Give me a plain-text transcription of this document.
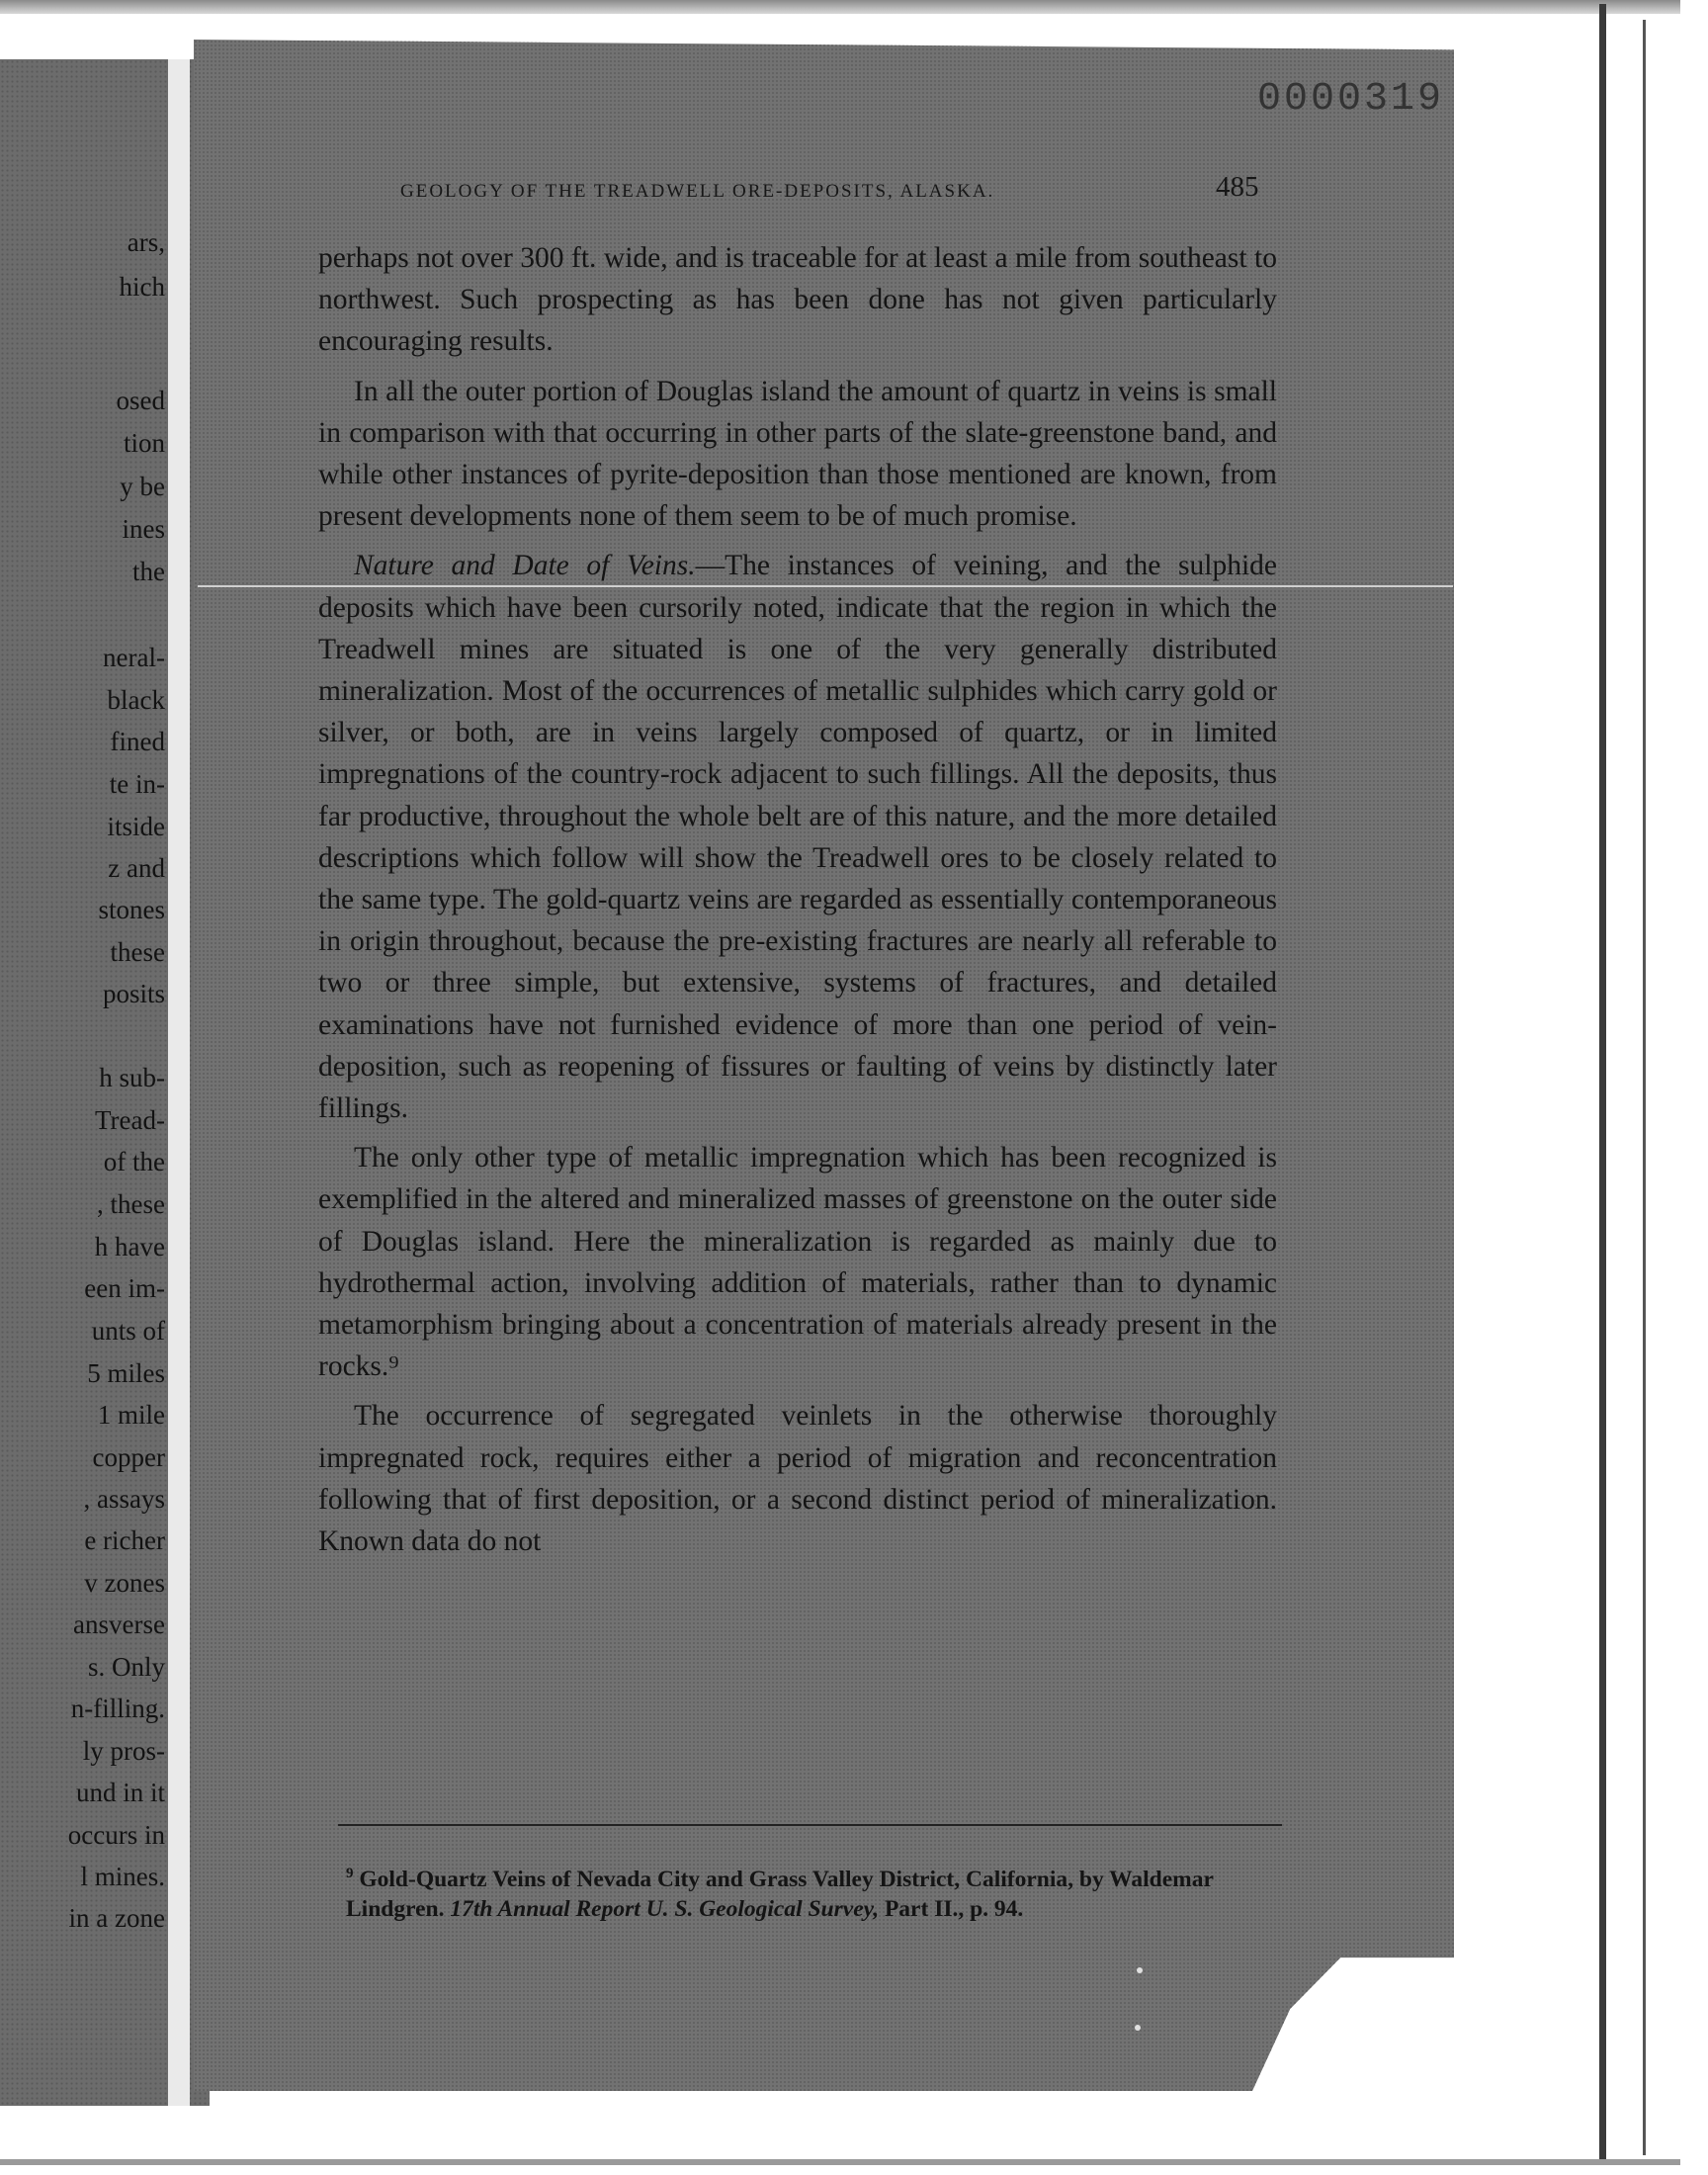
ars,
hich
osed
tion
y be
ines
the
neral-
black
fined
te in-
itside
z and
stones
these
posits
h sub-
Tread-
of the
, these
h have
een im-
unts of
5 miles
1 mile
copper
, assays
e richer
v zones
ansverse
s. Only
n-filling.
ly pros-
und in it
occurs in
l mines.
in a zone
0000319
GEOLOGY OF THE TREADWELL ORE-DEPOSITS, ALASKA.	485

perhaps not over 300 ft. wide, and is traceable for at least a mile from southeast to northwest. Such prospecting as has been done has not given particularly encouraging results.

In all the outer portion of Douglas island the amount of quartz in veins is small in comparison with that occurring in other parts of the slate-greenstone band, and while other instances of pyrite-deposition than those mentioned are known, from present developments none of them seem to be of much promise.

Nature and Date of Veins.—The instances of veining, and the sulphide deposits which have been cursorily noted, indicate that the region in which the Treadwell mines are situated is one of the very generally distributed mineralization. Most of the occurrences of metallic sulphides which carry gold or silver, or both, are in veins largely composed of quartz, or in limited impregnations of the country-rock adjacent to such fillings. All the deposits, thus far productive, throughout the whole belt are of this nature, and the more detailed descriptions which follow will show the Treadwell ores to be closely related to the same type. The gold-quartz veins are regarded as essentially contemporaneous in origin throughout, because the pre-existing fractures are nearly all referable to two or three simple, but extensive, systems of fractures, and detailed examinations have not furnished evidence of more than one period of vein-deposition, such as reopening of fissures or faulting of veins by distinctly later fillings.

The only other type of metallic impregnation which has been recognized is exemplified in the altered and mineralized masses of greenstone on the outer side of Douglas island. Here the mineralization is regarded as mainly due to hydrothermal action, involving addition of materials, rather than to dynamic metamorphism bringing about a concentration of materials already present in the rocks.⁹

The occurrence of segregated veinlets in the otherwise thoroughly impregnated rock, requires either a period of migration and reconcentration following that of first deposition, or a second distinct period of mineralization. Known data do not

$^9$ Gold-Quartz Veins of Nevada City and Grass Valley District, California, by Waldemar Lindgren. 17th Annual Report U. S. Geological Survey, Part II., p. 94.
